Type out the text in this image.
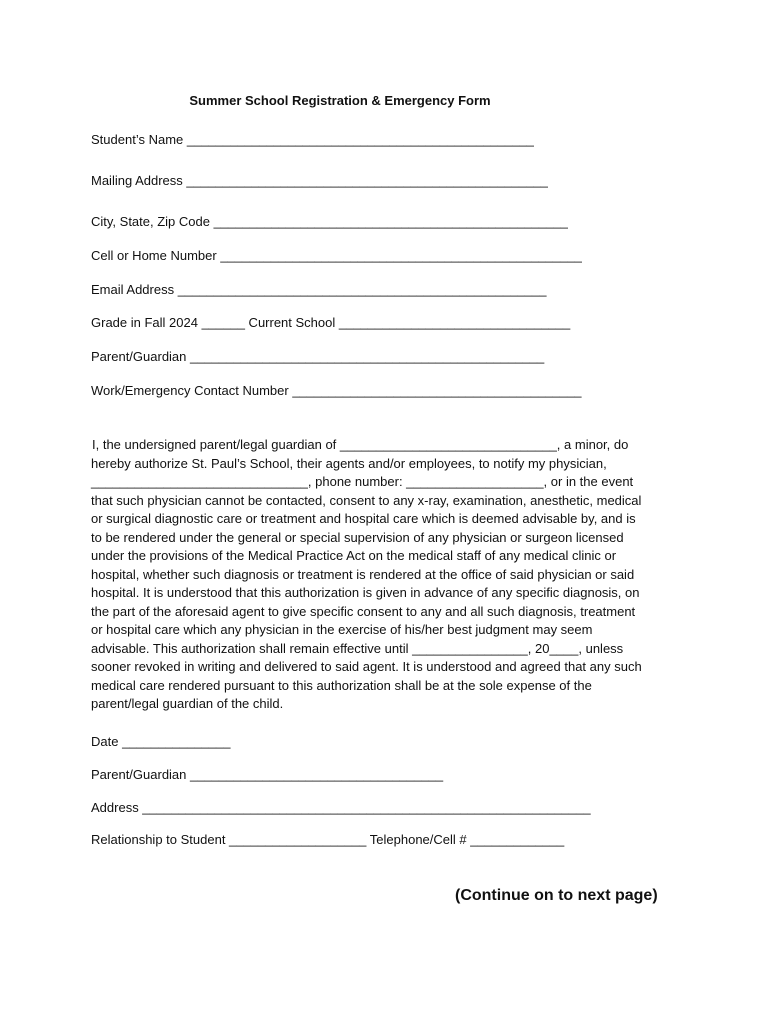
Summer School Registration & Emergency Form
Student’s Name ________________________________________________
Mailing Address __________________________________________________
City, State, Zip Code _________________________________________________
Cell or Home Number __________________________________________________
Email Address ___________________________________________________
Grade in Fall 2024 ______ Current School ________________________________
Parent/Guardian _________________________________________________
Work/Emergency Contact Number ________________________________________
I, the undersigned parent/legal guardian of ______________________________, a minor, do
hereby authorize St. Paul’s School, their agents and/or employees, to notify my physician,
______________________________, phone number: ___________________, or in the event
that such physician cannot be contacted, consent to any x-ray, examination, anesthetic, medical
or surgical diagnostic care or treatment and hospital care which is deemed advisable by, and is
to be rendered under the general or special supervision of any physician or surgeon licensed
under the provisions of the Medical Practice Act on the medical staff of any medical clinic or
hospital, whether such diagnosis or treatment is rendered at the office of said physician or said
hospital. It is understood that this authorization is given in advance of any specific diagnosis, on
the part of the aforesaid agent to give specific consent to any and all such diagnosis, treatment
or hospital care which any physician in the exercise of his/her best judgment may seem
advisable. This authorization shall remain effective until ________________, 20____, unless
sooner revoked in writing and delivered to said agent. It is understood and agreed that any such
medical care rendered pursuant to this authorization shall be at the sole expense of the
parent/legal guardian of the child.
Date _______________
Parent/Guardian ___________________________________
Address ______________________________________________________________
Relationship to Student ___________________ Telephone/Cell # _____________
(Continue on to next page)
